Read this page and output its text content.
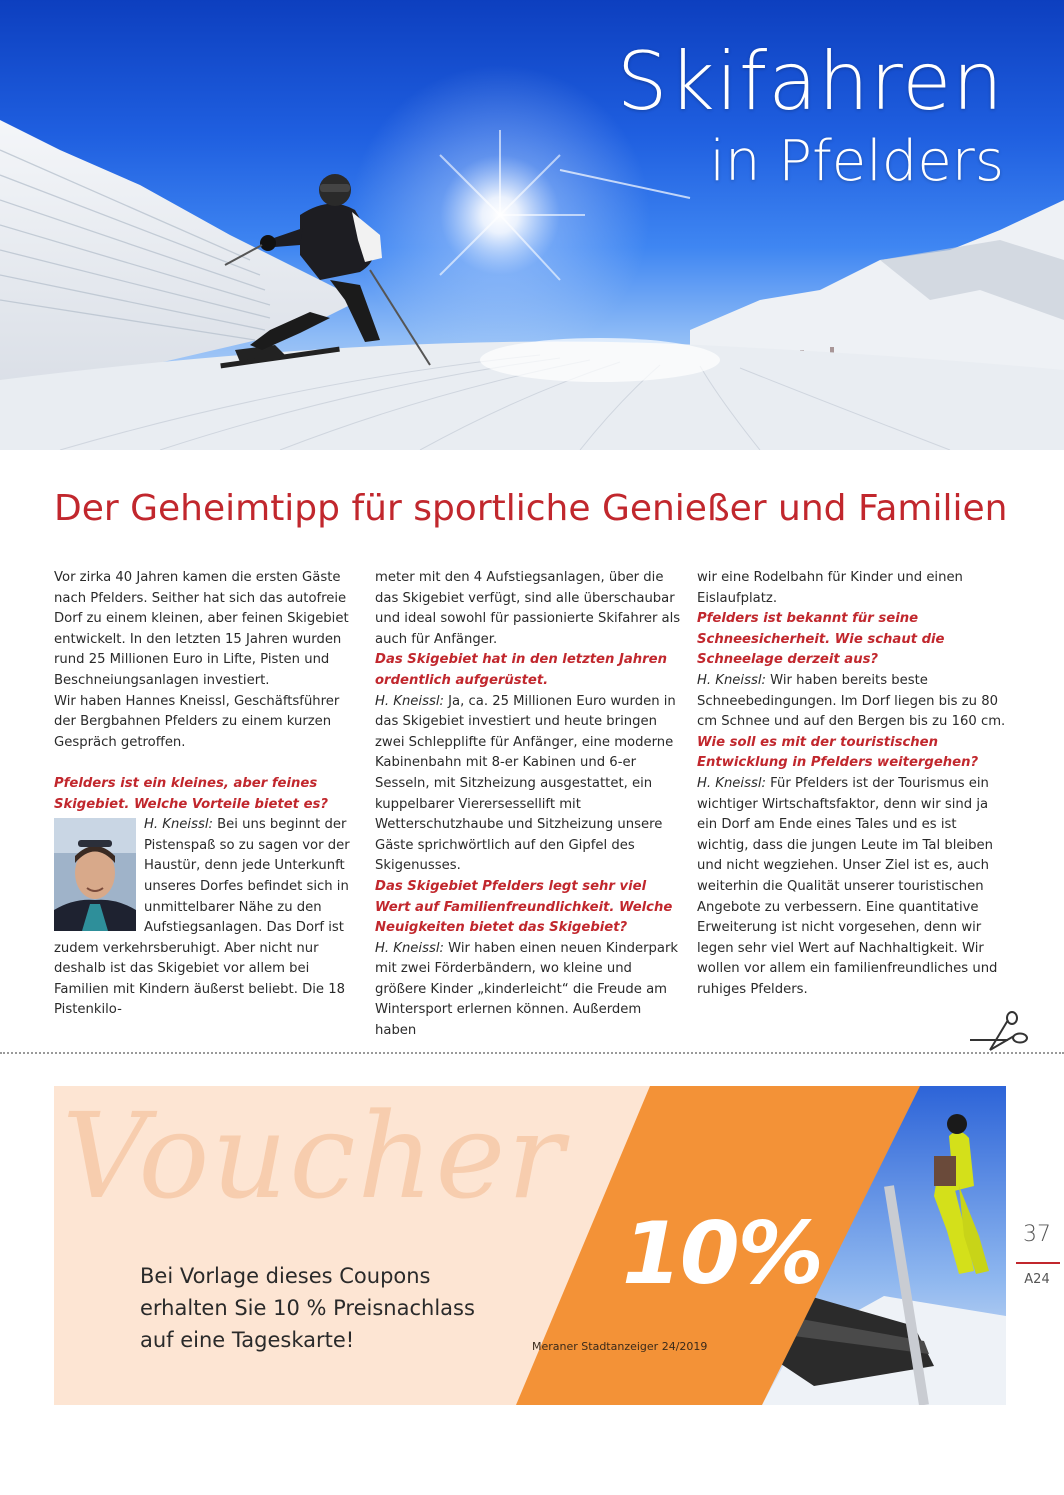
Skifahren
in Pfelders
Der Geheimtipp für sportliche Genießer und Familien

Vor zirka 40 Jahren kamen die ersten Gäste nach Pfelders. Seither hat sich das autofreie Dorf zu einem kleinen, aber feinen Skigebiet entwickelt. In den letzten 15 Jahren wurden rund 25 Millionen Euro in Lifte, Pisten und Beschneiungsanlagen investiert.

Wir haben Hannes Kneissl, Geschäftsführer der Bergbahnen Pfelders zu einem kurzen Gespräch getroffen.

Pfelders ist ein kleines, aber feines Skigebiet. Welche Vorteile bietet es?

H. Kneissl: Bei uns beginnt der Pistenspaß so zu sagen vor der Haustür, denn jede Unterkunft unseres Dorfes befindet sich in unmittelbarer Nähe zu den Aufstiegsanlagen. Das Dorf ist zudem verkehrsberuhigt. Aber nicht nur deshalb ist das Skigebiet vor allem bei Familien mit Kindern äußerst beliebt. Die 18 Pistenkilo-

meter mit den 4 Aufstiegsanlagen, über die das Skigebiet verfügt, sind alle überschaubar und ideal sowohl für passionierte Skifahrer als auch für Anfänger.

Das Skigebiet hat in den letzten Jahren ordentlich aufgerüstet.

H. Kneissl: Ja, ca. 25 Millionen Euro wurden in das Skigebiet investiert und heute bringen zwei Schlepplifte für Anfänger, eine moderne Kabinenbahn mit 8-er Kabinen und 6-er Sesseln, mit Sitzheizung ausgestattet, ein kuppelbarer Vierersessellift mit Wetterschutzhaube und Sitzheizung unsere Gäste sprichwörtlich auf den Gipfel des Skigenusses.

Das Skigebiet Pfelders legt sehr viel Wert auf Familienfreundlichkeit. Welche Neuigkeiten bietet das Skigebiet?

H. Kneissl: Wir haben einen neuen Kinderpark mit zwei Förderbändern, wo kleine und größere Kinder „kinderleicht“ die Freude am Wintersport erlernen können. Außerdem haben

wir eine Rodelbahn für Kinder und einen Eislaufplatz.

Pfelders ist bekannt für seine Schneesicherheit. Wie schaut die Schneelage derzeit aus?

H. Kneissl: Wir haben bereits beste Schneebedingungen. Im Dorf liegen bis zu 80 cm Schnee und auf den Bergen bis zu 160 cm.

Wie soll es mit der touristischen Entwicklung in Pfelders weitergehen?

H. Kneissl: Für Pfelders ist der Tourismus ein wichtiger Wirtschaftsfaktor, denn wir sind ja ein Dorf am Ende eines Tales und es ist wichtig, dass die jungen Leute im Tal bleiben und nicht wegziehen. Unser Ziel ist es, auch weiterhin die Qualität unserer touristischen Angebote zu verbessern. Eine quantitative Erweiterung ist nicht vorgesehen, denn wir legen sehr viel Wert auf Nachhaltigkeit. Wir wollen vor allem ein familienfreundliches und ruhiges Pfelders.

Voucher
Bei Vorlage dieses Coupons
erhalten Sie 10 % Preisnachlass
auf eine Tageskarte!
10%
Meraner Stadtanzeiger 24/2019
37
A24
